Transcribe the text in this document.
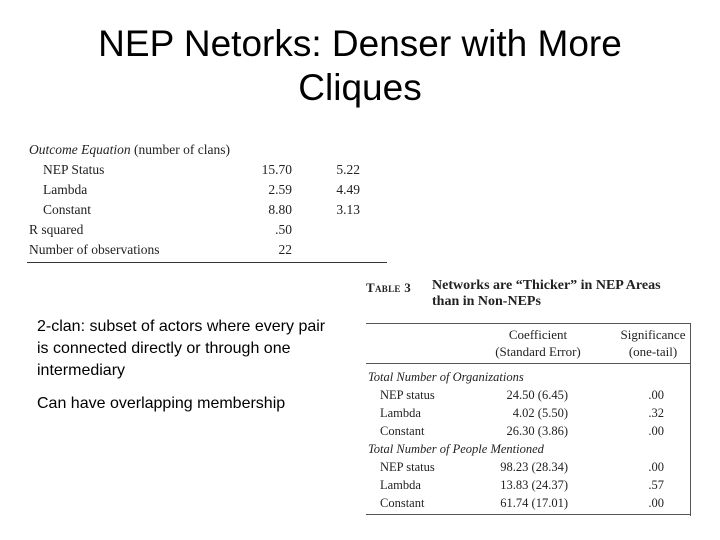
NEP Netorks: Denser with More
Cliques
Outcome Equation (number of clans)
NEP Status	15.70	5.22
Lambda	2.59	4.49
Constant	8.80	3.13
R squared	.50
Number of observations	22
2-clan: subset of actors where every pair is connected directly or through one intermediary
Can have overlapping membership
Table 3 Networks are “Thicker” in NEP Areas than in Non-NEPs
Coefficient
(Standard Error)
Significance
(one-tail)
Total Number of Organizations
NEP status	24.50 (6.45)	.00
Lambda	4.02 (5.50)	.32
Constant	26.30 (3.86)	.00
Total Number of People Mentioned
NEP status	98.23 (28.34)	.00
Lambda	13.83 (24.37)	.57
Constant	61.74 (17.01)	.00
